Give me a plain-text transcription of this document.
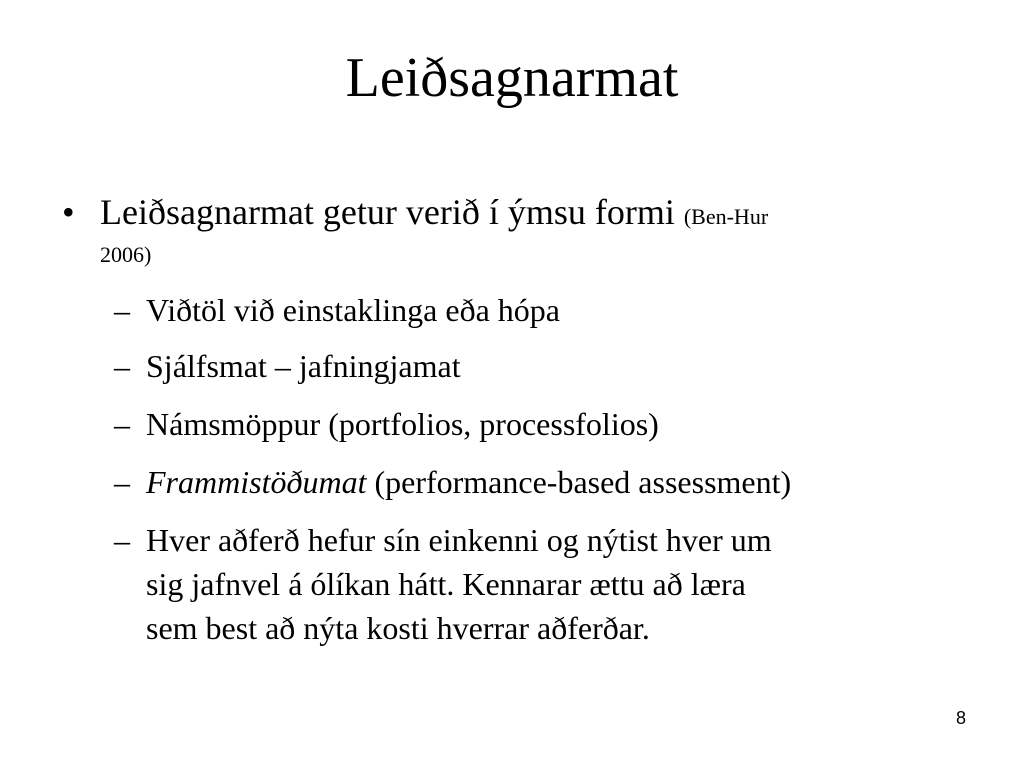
Leiðsagnarmat
• Leiðsagnarmat getur verið í ýmsu formi (Ben-Hur
2006)
– Viðtöl við einstaklinga eða hópa
– Sjálfsmat – jafningjamat
– Námsmöppur (portfolios, processfolios)
– Frammistöðumat (performance-based assessment)
– Hver aðferð hefur sín einkenni og nýtist hver um
sig jafnvel á ólíkan hátt. Kennarar ættu að læra
sem best að nýta kosti hverrar aðferðar.
8
